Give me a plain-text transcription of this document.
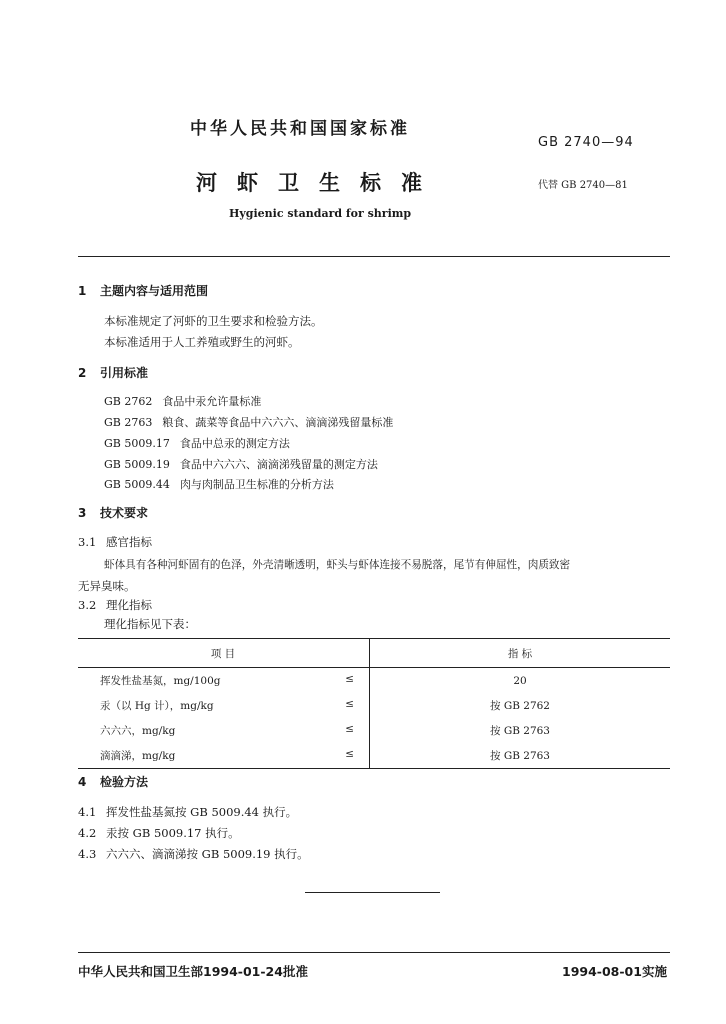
中华人民共和国国家标准
GB 2740—94
河虾卫生标准	代替 GB 2740—81
Hygienic standard for shrimp
1 主题内容与适用范围
本标准规定了河虾的卫生要求和检验方法。
本标准适用于人工养殖或野生的河虾。
2 引用标准
GB 2762 食品中汞允许量标准
GB 2763 粮食、蔬菜等食品中六六六、滴滴涕残留量标准
GB 5009.17 食品中总汞的测定方法
GB 5009.19 食品中六六六、滴滴涕残留量的测定方法
GB 5009.44 肉与肉制品卫生标准的分析方法
3 技术要求
3.1 感官指标
虾体具有各种河虾固有的色泽，外壳清晰透明，虾头与虾体连接不易脱落，尾节有伸屈性，肉质致密
无异臭味。
3.2 理化指标
理化指标见下表：
项 目	指 标
挥发性盐基氮，mg/100g ≤	20
汞（以 Hg 计），mg/kg ≤	按 GB 2762
六六六，mg/kg ≤	按 GB 2763
滴滴涕，mg/kg ≤	按 GB 2763
4 检验方法
4.1 挥发性盐基氮按 GB 5009.44 执行。
4.2 汞按 GB 5009.17 执行。
4.3 六六六、滴滴涕按 GB 5009.19 执行。
中华人民共和国卫生部1994-01-24批准	1994-08-01实施
